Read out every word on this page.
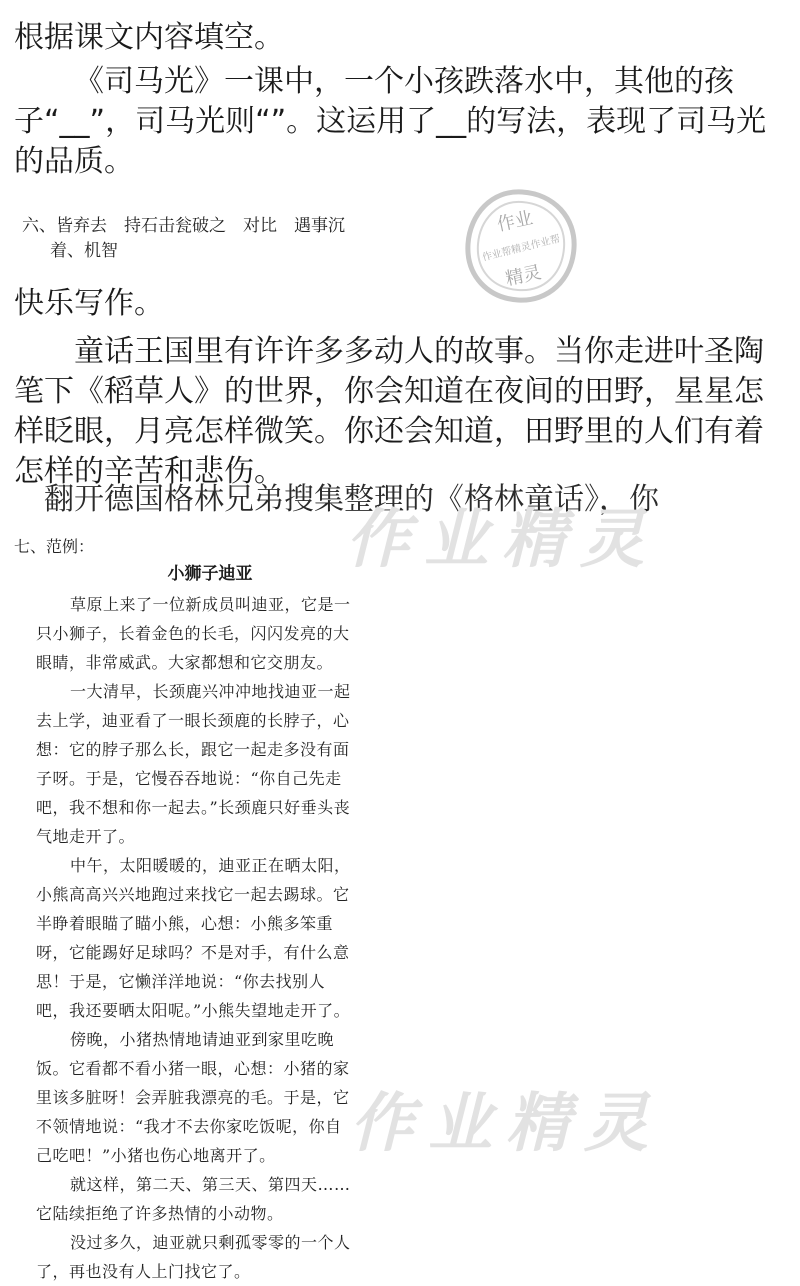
根据课文内容填空。

《司马光》一课中，一个小孩跌落水中，其他的孩子“__”，司马光则“”。这运用了__的写法，表现了司马光的品质。

六、皆弃去　持石击瓮破之　对比　遇事沉
着、机智
作业
作业帮精灵作业帮
精灵
快乐写作。

童话王国里有许许多多动人的故事。当你走进叶圣陶笔下《稻草人》的世界，你会知道在夜间的田野，星星怎样眨眼，月亮怎样微笑。你还会知道，田野里的人们有着怎样的辛苦和悲伤。

翻开德国格林兄弟搜集整理的《格林童话》，你
作业精灵
作业精灵
七、范例：
小狮子迪亚

草原上来了一位新成员叫迪亚，它是一只小狮子，长着金色的长毛，闪闪发亮的大眼睛，非常威武。大家都想和它交朋友。

一大清早，长颈鹿兴冲冲地找迪亚一起去上学，迪亚看了一眼长颈鹿的长脖子，心想：它的脖子那么长，跟它一起走多没有面子呀。于是，它慢吞吞地说：“你自己先走吧，我不想和你一起去。”长颈鹿只好垂头丧气地走开了。

中午，太阳暖暖的，迪亚正在晒太阳，小熊高高兴兴地跑过来找它一起去踢球。它半睁着眼瞄了瞄小熊，心想：小熊多笨重呀，它能踢好足球吗？不是对手，有什么意思！于是，它懒洋洋地说：“你去找别人吧，我还要晒太阳呢。”小熊失望地走开了。

傍晚，小猪热情地请迪亚到家里吃晚饭。它看都不看小猪一眼，心想：小猪的家里该多脏呀！会弄脏我漂亮的毛。于是，它不领情地说：“我才不去你家吃饭呢，你自己吃吧！”小猪也伤心地离开了。

就这样，第二天、第三天、第四天……它陆续拒绝了许多热情的小动物。

没过多久，迪亚就只剩孤零零的一个人了，再也没有人上门找它了。
